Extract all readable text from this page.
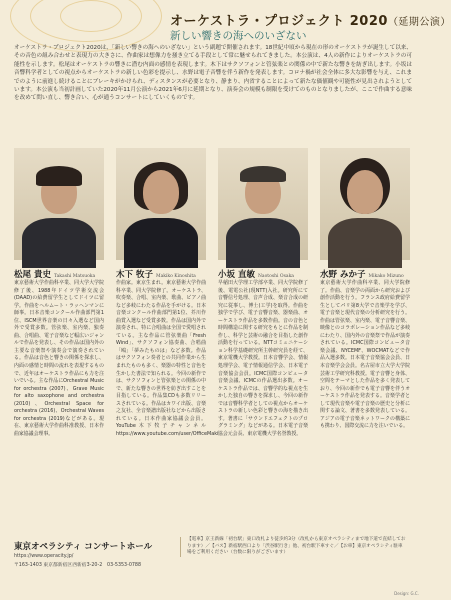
オーケストラ・プロジェクト 2020（延期公演）
新しい響きの海へのいざない
オーケストラ・プロジェクト2020は、「新しい響きの海へのいざない」という副題で開催されます。18世紀中頃から現在の形のオーケストラが誕生して以来、その音色の組み合わせと表現力の大きさに、作曲家は想像力を掻き立てる手段として常に魅せられてきました。本公演は、4人の新作によりオーケストラの可能性を示します。松尾はオーケストラの響きに潜む内面の感情を表現します。木下はサクソフォンと管弦楽との関係の中で新たな響きを紡ぎ出します。小坂は音響科学者としての視点からオーケストラの新しい色彩を提示し、水野は電子音響を伴う新作を発表します。コロナ禍が社会全体に多大な影響を与え、これまでのように前進し続けることにブレーキがかけられ、ディスタンスが必要となり、静まり、内省することによって新たな価値観や可能性が見出されようとしています。本公演も当初計画していた2020年11月公演から2021年6月に延期となり、演奏会の規模も制限を受けてのものとなりましたが、ここで作曲する意味を改めて問い直し、響き合い、心が通うコンサートにしていくものです。
松尾 貴史 Takashi Matsuoka 木下 牧子 Makiko Kinoshita	小坂 直敏 Naotoshi Osaka	水野 みか子 Mikako Mizuno
東京藝術大学作曲科卒業、同大学大学院修了後、1988年ドイツ学術交流会(DAAD)の給費留学生としてドイツに留学。作曲をヘルムート・ラッヘンマンに師事。日本音楽コンクール作曲部門第1位、ISCM世界音楽の日々入選など国内外で受賞多数。管弦楽、室内楽、独奏曲、合唱曲、電子音楽など幅広いジャンルで作品を発表し、その作品は国内外の主要な音楽祭や演奏会で演奏されている。作品は音色と響きの関係を探求し、内面の感情と時間の流れを表現するもので、近年はオーケストラ作品にも力を注いでいる。主な作品にOrchestral Music for orchestra (2007)、Grave Music for alto saxophone and orchestra (2010)、Orchestral Space for orchestra (2016)、Orchestral Waves for orchestra (2019)などがある。現在、東京藝術大学作曲科准教授、日本作曲家協議会理事。
作曲家。東京生まれ。東京藝術大学作曲科卒業、同大学院修了。オーケストラ、吹奏楽、合唱、室内楽、歌曲、ピアノ曲など多岐にわたる作品を手がける。日本音楽コンクール作曲部門第1位、芥川作曲賞入選など受賞多数。作品は国内外で演奏され、特に合唱曲は全国で愛唱されている。主な作品に管弦楽曲「Fresh Wind」、サクソフォン協奏曲、合唱曲「鴎」「夢みたものは」など多数。作品はサクソフォン奏者との共同作業から生まれたものも多く、楽器の特性と音色を生かした書法で知られる。今回の新作では、サクソフォンと管弦楽との関係の中で、新たな響きの世界を紡ぎ出すことを目指している。作品集CDも多数リリースされている。作品はカワイ出版、音楽之友社、全音楽譜出版社などから出版されている。日本作曲家協議会会員。YouTube木下牧子チャンネル https://www.youtube.com/user/OfficeMaki
早稲田大学理工学部卒業、同大学院修了後、電電公社(現NTT)入社。研究所にて音響信号処理、音声合成、楽音合成の研究に従事し、博士(工学)を取得。作曲を独学で学び、電子音響音楽、器楽曲、オーケストラ作品を多数作曲。音の音色と時間構造に関する研究をもとに作品を制作し、科学と芸術の融合を目指した創作活動を行っている。NTTコミュニケーション科学基礎研究所主幹研究員を経て、東京電機大学教授。日本音響学会、情報処理学会、電子情報通信学会、日本電子音楽協会会員。ICMC国際コンピュータ音楽会議、ICMCの作品選出多数。オーケストラ作品では、音響学的な視点を生かした独自の響きを探求し、今回の新作では音響科学者としての視点からオーケストラの新しい色彩と響きの海を描き出す。著書に「サウンドエフェクトのプログラミング」などがある。日本電子音楽協会元会長、東京電機大学名誉教授。
東京藝術大学作曲科卒業、同大学院修了。作曲、音楽学の両面から研究および創作活動を行う。フランス政府給費留学生としてパリ第8大学で音楽学を学び、電子音楽と現代音楽の分析研究を行う。作曲は管弦楽、室内楽、電子音響音楽、映像とのコラボレーション作品など多岐にわたり、国内外の音楽祭で作品が演奏されている。ICMC国際コンピュータ音楽会議、NYCEMF、WOCMATなどで作品入選多数。日本電子音楽協会会員、日本音楽学会会員。名古屋市立大学大学院芸術工学研究科教授。電子音響と身体、空間をテーマとした作品を多く発表しており、今回の新作でも電子音響を伴うオーケストラ作品を発表する。音楽学者として現代音楽や電子音楽の歴史と分析に関する論文、著書を多数発表している。アジアの電子音楽ネットワークの構築にも携わり、国際交流に力を注いでいる。
東京オペラシティ コンサートホール
https://www.operacity.jp/
〒163-1403 東京都新宿区西新宿3-20-2　03-5353-0788
【電車】京王新線「初台駅」東口改札より徒歩約3分（改札から東京オペラシティまで地下道で直結しております）／【バス】新宿駅西口より「渋谷駅行き」他、初台駅下車すぐ／【お車】東京オペラシティ駐車場をご利用ください（台数に限りがございます）
Design: G.C.
